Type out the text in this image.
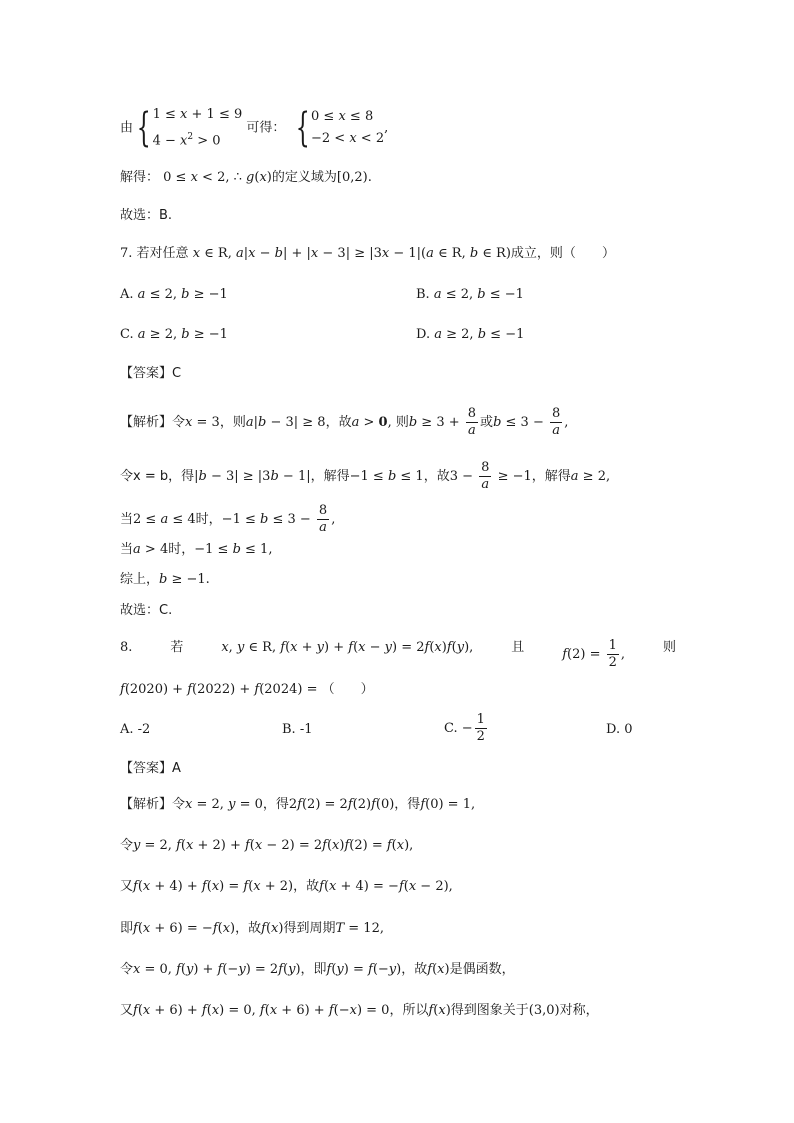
由 { 1 ≤ x + 1 ≤ 9
$4 - x^2 > 0$
可得： { 0 ≤ x ≤ 8
−2 < x < 2
,
解得： 0 ≤ x < 2, ∴ g(x)的定义域为[0,2).
故选：B.
7. 若对任意 x ∈ R, a|x − b| + |x − 3| ≥ |3x − 1|(a ∈ R, b ∈ R)成立，则（ ）
A. a ≤ 2, b ≥ −1	B. a ≤ 2, b ≤ −1
C. a ≥ 2, b ≥ −1	D. a ≥ 2, b ≤ −1
【答案】C
【解析】令x = 3，则a|b − 3| ≥ 8，故a > 0, 则$b \ge 3 + \frac{8}{a}$ 或$b \le 3 - \frac{8}{a}$ ,
令x = b，得|b − 3| ≥ |3b − 1|，解得−1 ≤ b ≤ 1，故$3 - \frac{8}{a} \ge -1$，解得a ≥ 2,
当2 ≤ a ≤ 4时，$-1 \le b \le 3 - \frac{8}{a}$ ,
当a > 4时，−1 ≤ b ≤ 1,
综上，b ≥ −1.
故选：C.
8.	若	x, y ∈ R, f(x + y) + f(x − y) = 2f(x)f(y),	且	$f(2) = \frac{1}{2}$ ,	则
f(2020) + f(2022) + f(2024) = （　　）
A. -2	B. -1	C. − $\frac{1}{2}$	D. 0
【答案】A
【解析】令x = 2, y = 0，得2f(2) = 2f(2)f(0)，得f(0) = 1,
令y = 2, f(x + 2) + f(x − 2) = 2f(x)f(2) = f(x),
又f(x + 4) + f(x) = f(x + 2)，故f(x + 4) = −f(x − 2),
即f(x + 6) = −f(x)，故f(x)得到周期T = 12,
令x = 0, f(y) + f(−y) = 2f(y)，即f(y) = f(−y)，故f(x)是偶函数，
又f(x + 6) + f(x) = 0, f(x + 6) + f(−x) = 0，所以f(x)得到图象关于(3,0)对称，
